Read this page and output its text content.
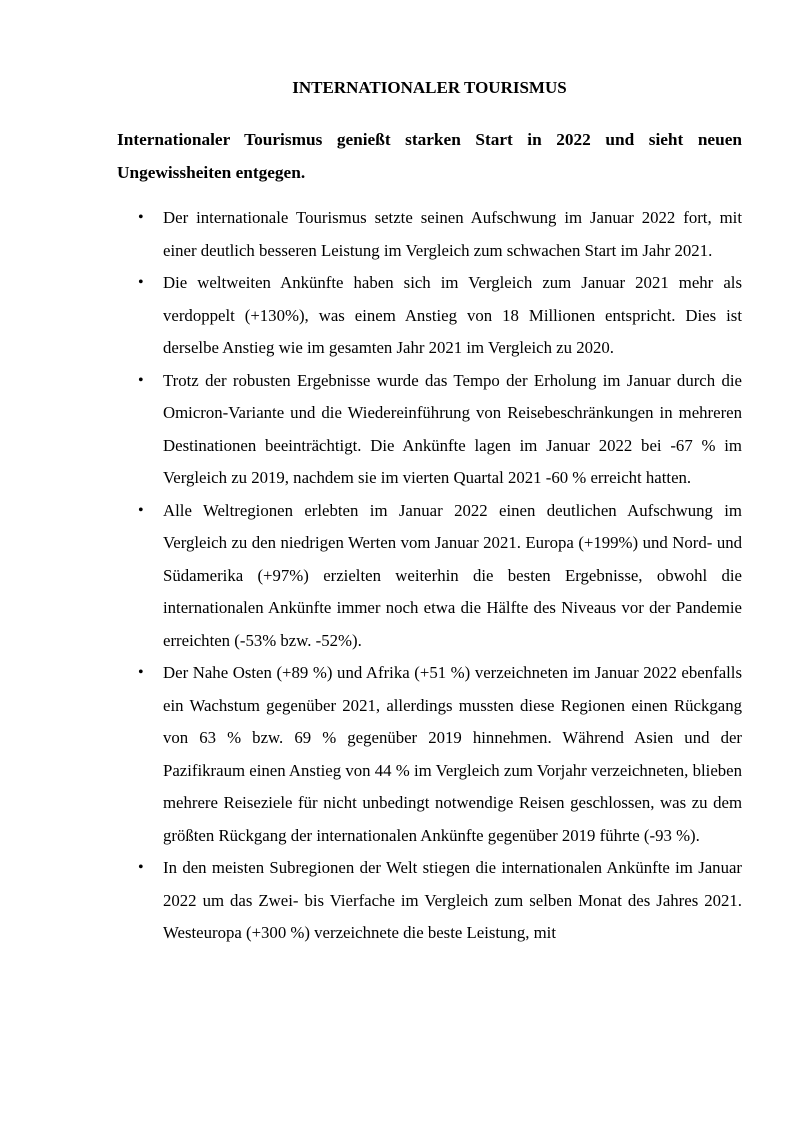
INTERNATIONALER TOURISMUS

Internationaler Tourismus genießt starken Start in 2022 und sieht neuen Ungewissheiten entgegen.

•	Der internationale Tourismus setzte seinen Aufschwung im Januar 2022 fort, mit einer deutlich besseren Leistung im Vergleich zum schwachen Start im Jahr 2021.
•	Die weltweiten Ankünfte haben sich im Vergleich zum Januar 2021 mehr als verdoppelt (+130%), was einem Anstieg von 18 Millionen entspricht. Dies ist derselbe Anstieg wie im gesamten Jahr 2021 im Vergleich zu 2020.
•	Trotz der robusten Ergebnisse wurde das Tempo der Erholung im Januar durch die Omicron-Variante und die Wiedereinführung von Reisebeschränkungen in mehreren Destinationen beeinträchtigt. Die Ankünfte lagen im Januar 2022 bei -67 % im Vergleich zu 2019, nachdem sie im vierten Quartal 2021 -60 % erreicht hatten.
•	Alle Weltregionen erlebten im Januar 2022 einen deutlichen Aufschwung im Vergleich zu den niedrigen Werten vom Januar 2021. Europa (+199%) und Nord- und Südamerika (+97%) erzielten weiterhin die besten Ergebnisse, obwohl die internationalen Ankünfte immer noch etwa die Hälfte des Niveaus vor der Pandemie erreichten (-53% bzw. -52%).
•	Der Nahe Osten (+89 %) und Afrika (+51 %) verzeichneten im Januar 2022 ebenfalls ein Wachstum gegenüber 2021, allerdings mussten diese Regionen einen Rückgang von 63 % bzw. 69 % gegenüber 2019 hinnehmen. Während Asien und der Pazifikraum einen Anstieg von 44 % im Vergleich zum Vorjahr verzeichneten, blieben mehrere Reiseziele für nicht unbedingt notwendige Reisen geschlossen, was zu dem größten Rückgang der internationalen Ankünfte gegenüber 2019 führte (-93 %).
•	In den meisten Subregionen der Welt stiegen die internationalen Ankünfte im Januar 2022 um das Zwei- bis Vierfache im Vergleich zum selben Monat des Jahres 2021. Westeuropa (+300 %) verzeichnete die beste Leistung, mit
